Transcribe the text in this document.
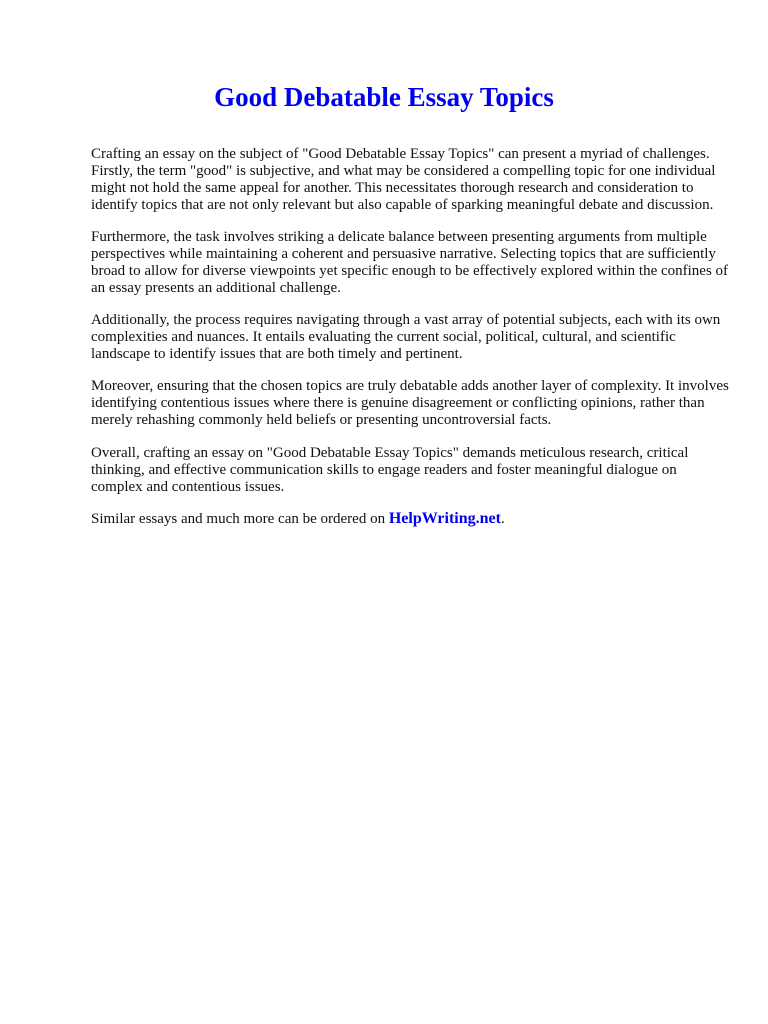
Good Debatable Essay Topics

Crafting an essay on the subject of "Good Debatable Essay Topics" can present a myriad of challenges. Firstly, the term "good" is subjective, and what may be considered a compelling topic for one individual might not hold the same appeal for another. This necessitates thorough research and consideration to identify topics that are not only relevant but also capable of sparking meaningful debate and discussion.

Furthermore, the task involves striking a delicate balance between presenting arguments from multiple perspectives while maintaining a coherent and persuasive narrative. Selecting topics that are sufficiently broad to allow for diverse viewpoints yet specific enough to be effectively explored within the confines of an essay presents an additional challenge.

Additionally, the process requires navigating through a vast array of potential subjects, each with its own complexities and nuances. It entails evaluating the current social, political, cultural, and scientific landscape to identify issues that are both timely and pertinent.

Moreover, ensuring that the chosen topics are truly debatable adds another layer of complexity. It involves identifying contentious issues where there is genuine disagreement or conflicting opinions, rather than merely rehashing commonly held beliefs or presenting uncontroversial facts.

Overall, crafting an essay on "Good Debatable Essay Topics" demands meticulous research, critical thinking, and effective communication skills to engage readers and foster meaningful dialogue on complex and contentious issues.

Similar essays and much more can be ordered on HelpWriting.net.
